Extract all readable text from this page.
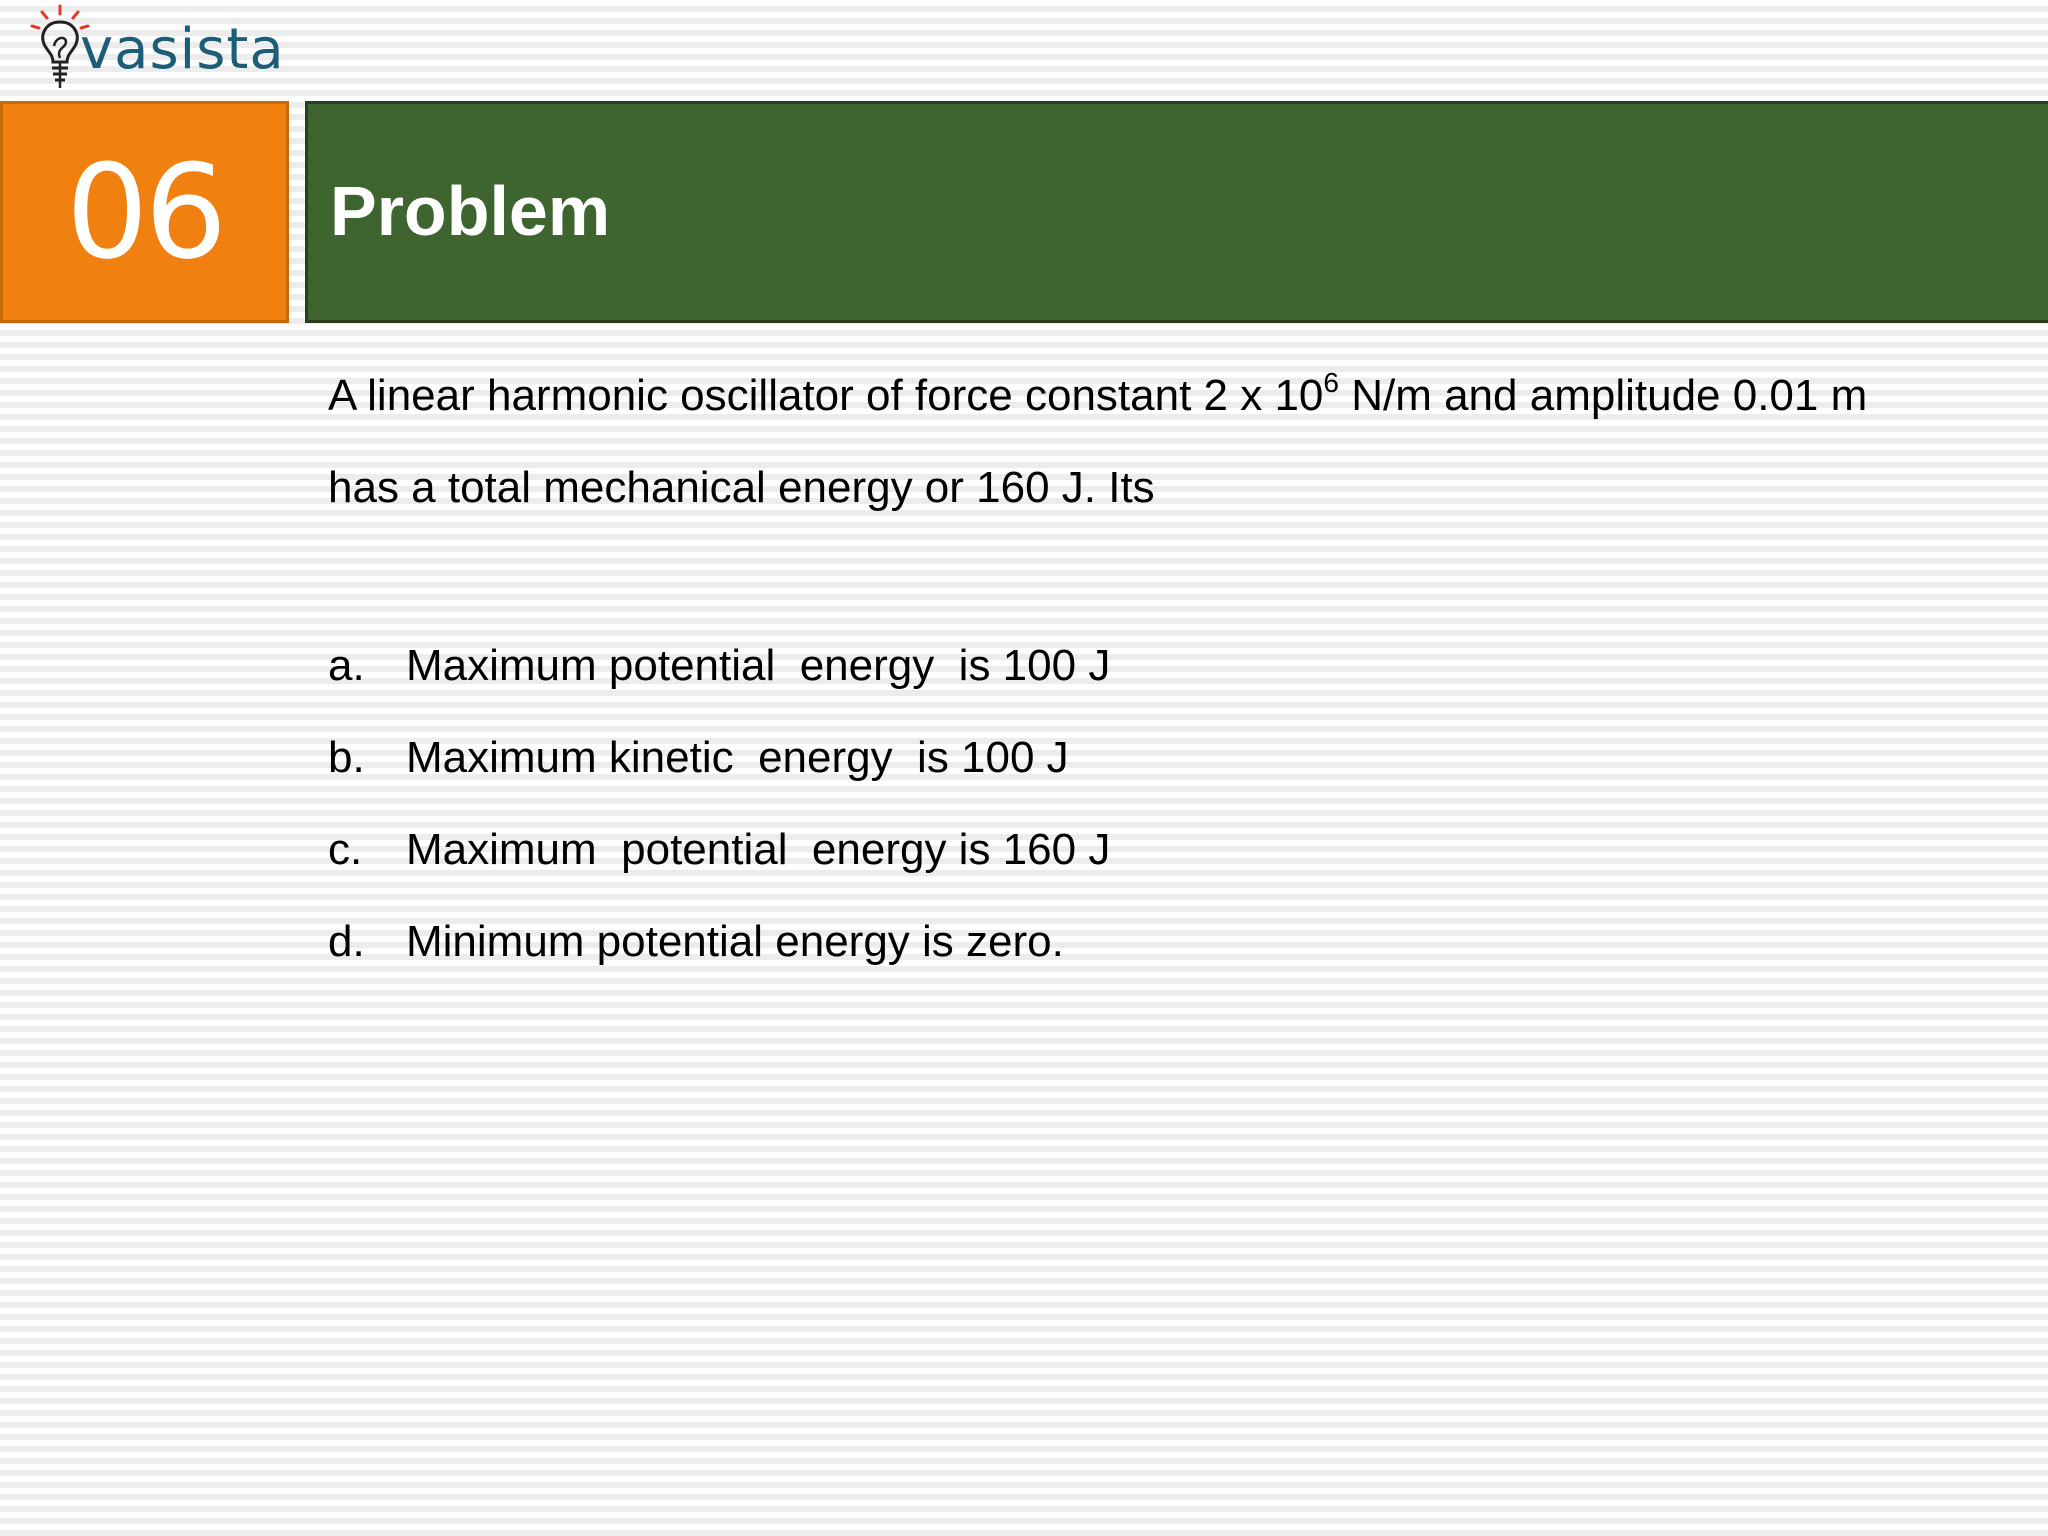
vasista
06	Problem
A linear harmonic oscillator of force constant 2 x $10^6$ N/m and amplitude 0.01 m
has a total mechanical energy or 160 J. Its
a. Maximum potential  energy  is 100 J
b. Maximum kinetic  energy  is 100 J
c. Maximum  potential  energy is 160 J
d. Minimum potential energy is zero.
